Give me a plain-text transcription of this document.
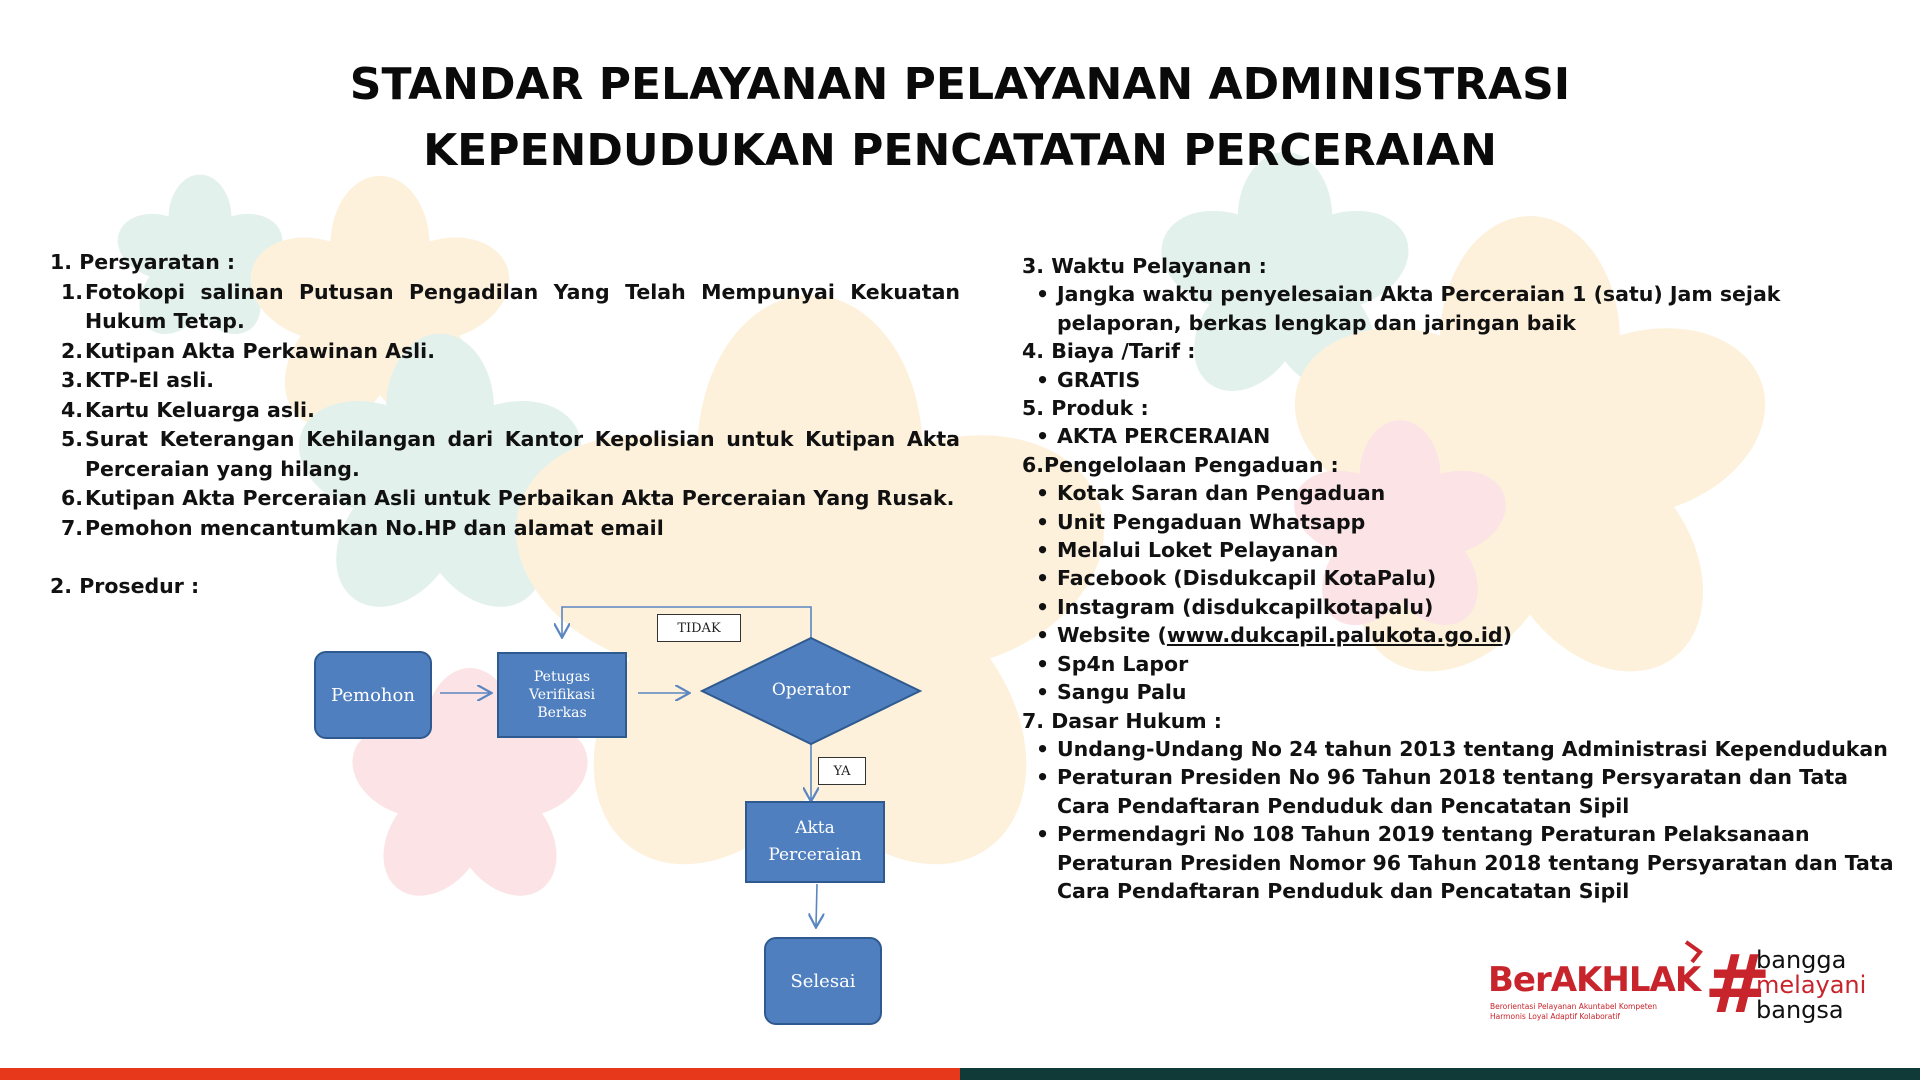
STANDAR PELAYANAN PELAYANAN ADMINISTRASI
KEPENDUDUKAN PENCATATAN PERCERAIAN
1. Persyaratan :
1. Fotokopi salinan Putusan Pengadilan Yang Telah Mempunyai Kekuatan Hukum Tetap.
2. Kutipan Akta Perkawinan Asli.
3. KTP-El asli.
4. Kartu Keluarga asli.
5. Surat Keterangan Kehilangan dari Kantor Kepolisian untuk Kutipan Akta Perceraian yang hilang.
6. Kutipan Akta Perceraian Asli untuk Perbaikan Akta Perceraian Yang Rusak.
7. Pemohon mencantumkan No.HP dan alamat email
2. Prosedur :
Pemohon
Petugas
Verifikasi
Berkas
Operator
TIDAK
YA
Akta
Perceraian
Selesai
3. Waktu Pelayanan :
• Jangka waktu penyelesaian Akta Perceraian 1 (satu) Jam sejak pelaporan, berkas lengkap dan jaringan baik
4. Biaya /Tarif :
• GRATIS
5. Produk :
• AKTA PERCERAIAN
6.Pengelolaan Pengaduan :
• Kotak Saran dan Pengaduan
• Unit Pengaduan Whatsapp
• Melalui Loket Pelayanan
• Facebook (Disdukcapil KotaPalu)
• Instagram (disdukcapilkotapalu)
• Website (www.dukcapil.palukota.go.id)
• Sp4n Lapor
• Sangu Palu
7. Dasar Hukum :
• Undang-Undang No 24 tahun 2013 tentang Administrasi Kependudukan
• Peraturan Presiden No 96 Tahun 2018 tentang Persyaratan dan Tata Cara Pendaftaran Penduduk dan Pencatatan Sipil
• Permendagri No 108 Tahun 2019 tentang Peraturan Pelaksanaan Peraturan Presiden Nomor 96 Tahun 2018 tentang Persyaratan dan Tata Cara Pendaftaran Penduduk dan Pencatatan Sipil
BerAKHLAK
Berorientasi Pelayanan Akuntabel Kompeten
Harmonis Loyal Adaptif Kolaboratif #
bangga
melayani
bangsa
